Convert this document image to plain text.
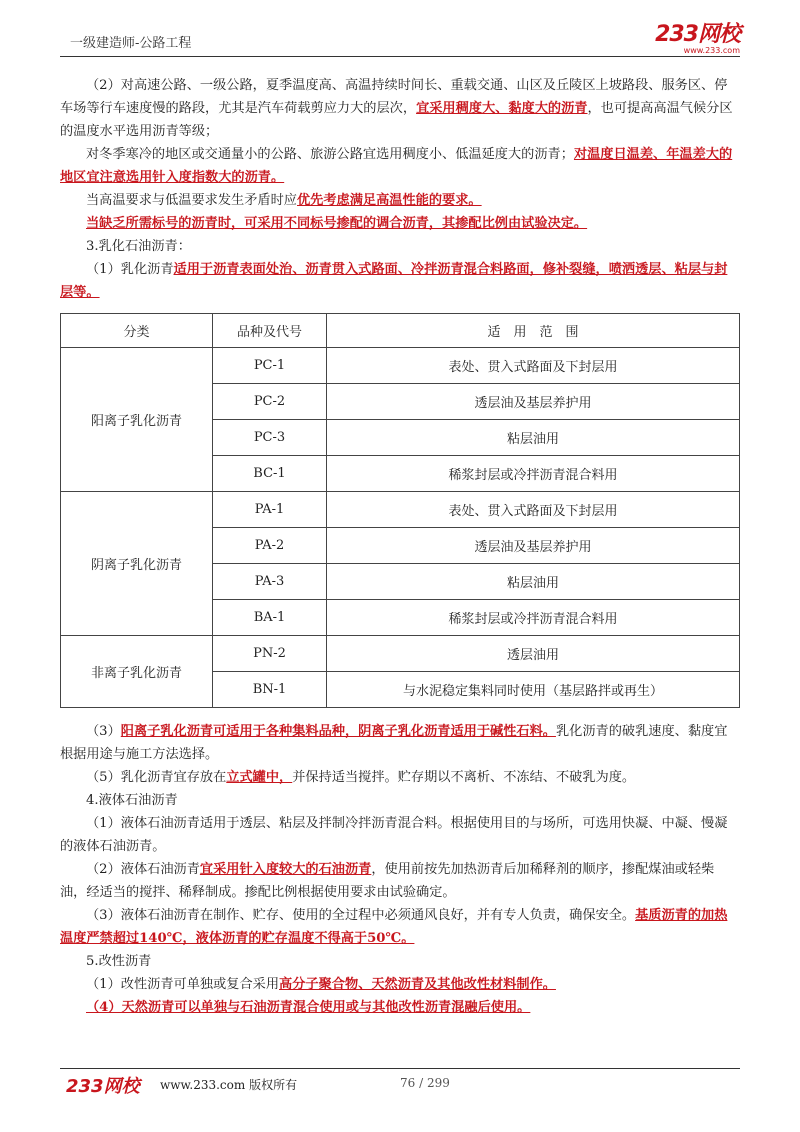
一级建造师-公路工程	233网校
www.233.com

（2）对高速公路、一级公路，夏季温度高、高温持续时间长、重载交通、山区及丘陵区上坡路段、服务区、停车场等行车速度慢的路段，尤其是汽车荷载剪应力大的层次，宜采用稠度大、黏度大的沥青，也可提高高温气候分区的温度水平选用沥青等级；

对冬季寒冷的地区或交通量小的公路、旅游公路宜选用稠度小、低温延度大的沥青；对温度日温差、年温差大的地区宜注意选用针入度指数大的沥青。

当高温要求与低温要求发生矛盾时应优先考虑满足高温性能的要求。

当缺乏所需标号的沥青时，可采用不同标号掺配的调合沥青，其掺配比例由试验决定。

3.乳化石油沥青：

（1）乳化沥青适用于沥青表面处治、沥青贯入式路面、冷拌沥青混合料路面，修补裂缝，喷洒透层、粘层与封层等。

分类	品种及代号	适　用　范　围
阳离子乳化沥青	PC-1	表处、贯入式路面及下封层用
	PC-2	透层油及基层养护用
	PC-3	粘层油用
	BC-1	稀浆封层或冷拌沥青混合料用
阴离子乳化沥青	PA-1	表处、贯入式路面及下封层用
	PA-2	透层油及基层养护用
	PA-3	粘层油用
	BA-1	稀浆封层或冷拌沥青混合料用
非离子乳化沥青	PN-2	透层油用
	BN-1	与水泥稳定集料同时使用（基层路拌或再生）

（3）阳离子乳化沥青可适用于各种集料品种，阴离子乳化沥青适用于碱性石料。乳化沥青的破乳速度、黏度宜根据用途与施工方法选择。

（5）乳化沥青宜存放在立式罐中，并保持适当搅拌。贮存期以不离析、不冻结、不破乳为度。

4.液体石油沥青

（1）液体石油沥青适用于透层、粘层及拌制冷拌沥青混合料。根据使用目的与场所，可选用快凝、中凝、慢凝的液体石油沥青。

（2）液体石油沥青宜采用针入度较大的石油沥青，使用前按先加热沥青后加稀释剂的顺序，掺配煤油或轻柴油，经适当的搅拌、稀释制成。掺配比例根据使用要求由试验确定。

（3）液体石油沥青在制作、贮存、使用的全过程中必须通风良好，并有专人负责，确保安全。基质沥青的加热温度严禁超过140℃，液体沥青的贮存温度不得高于50℃。

5.改性沥青

（1）改性沥青可单独或复合采用高分子聚合物、天然沥青及其他改性材料制作。

（4）天然沥青可以单独与石油沥青混合使用或与其他改性沥青混融后使用。

233网校 www.233.com 版权所有	76 / 299
